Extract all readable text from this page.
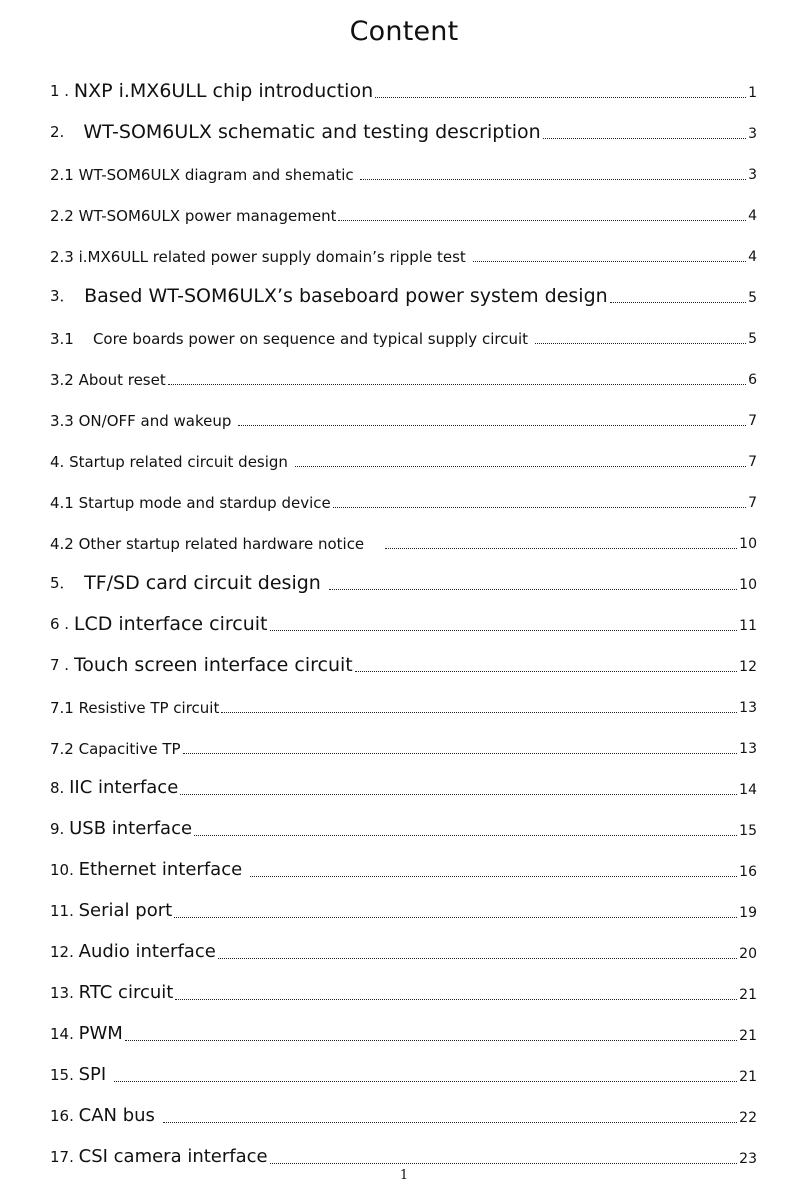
Content
1 . NXP i.MX6ULL chip introduction	1
2. WT-SOM6ULX schematic and testing description	3
2.1 WT-SOM6ULX diagram and shematic	3
2.2 WT-SOM6ULX power management	4
2.3 i.MX6ULL related power supply domain’s ripple test	4
3． Based WT-SOM6ULX’s baseboard power system design	5
3.1 Core boards power on sequence and typical supply circuit	5
3.2 About reset	6
3.3 ON/OFF and wakeup	7
4. Startup related circuit design	7
4.1 Startup mode and stardup device	7
4.2 Other startup related hardware notice	10
5． TF/SD card circuit design	10
6 . LCD interface circuit	11
7 . Touch screen interface circuit	12
7.1 Resistive TP circuit	13
7.2 Capacitive TP	13
8. IIC interface	14
9. USB interface	15
10. Ethernet interface	16
11. Serial port	19
12. Audio interface	20
13. RTC circuit	21
14. PWM	21
15. SPI	21
16. CAN bus	22
17. CSI camera interface	23
1
